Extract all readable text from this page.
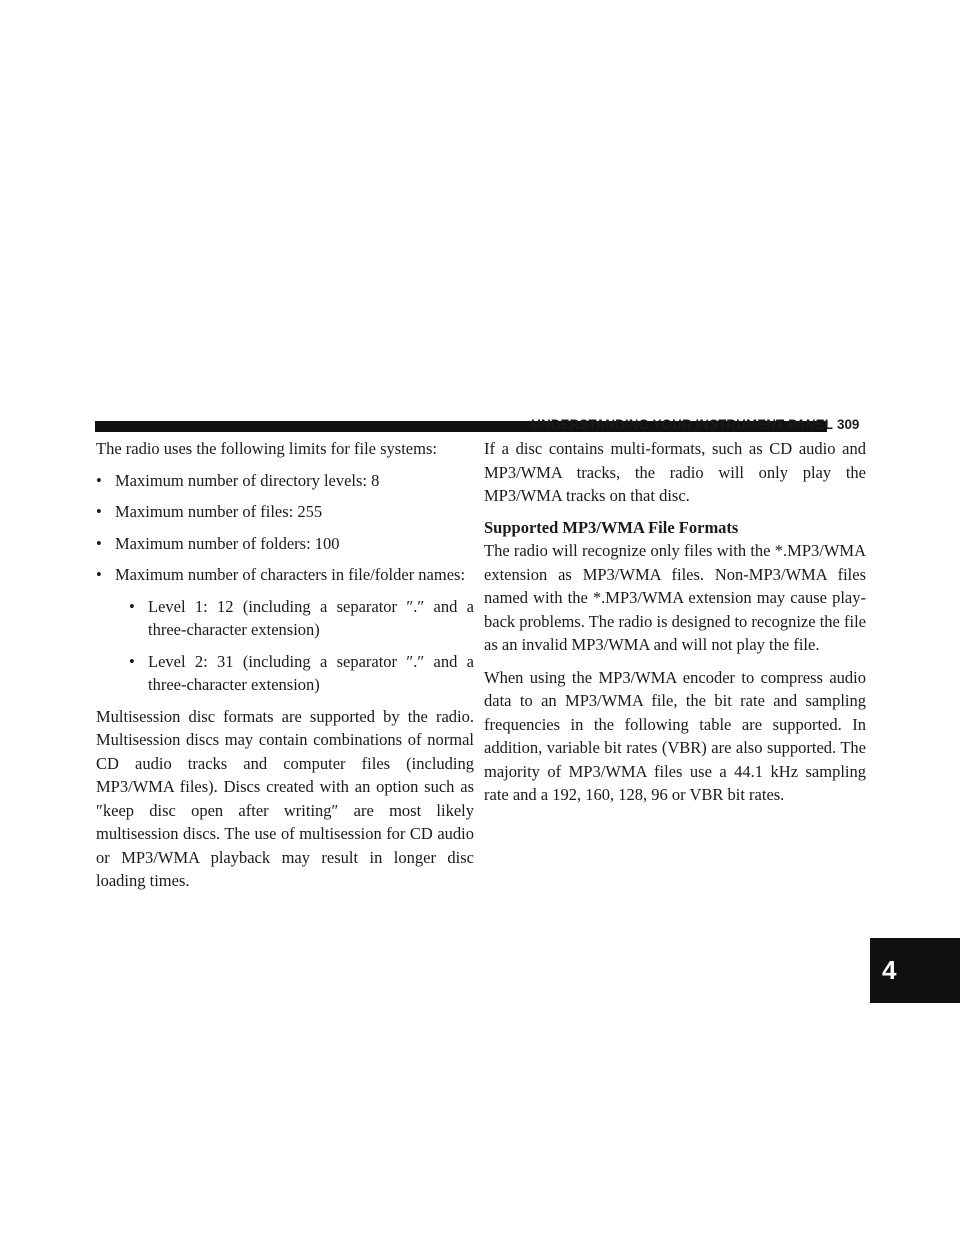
UNDERSTANDING YOUR INSTRUMENT PANEL 309
4

The radio uses the following limits for file systems:

• Maximum number of directory levels: 8
• Maximum number of files: 255
• Maximum number of folders: 100
• Maximum number of characters in file/folder names:
• Level 1: 12 (including a separator ″.″ and a three-character extension)
• Level 2: 31 (including a separator ″.″ and a three-character extension)

Multisession disc formats are supported by the radio. Multisession discs may contain combinations of normal CD audio tracks and computer files (including MP3/WMA files). Discs created with an option such as ″keep disc open after writing″ are most likely multisession discs. The use of multisession for CD audio or MP3/WMA playback may result in longer disc loading times.

If a disc contains multi-formats, such as CD audio and MP3/WMA tracks, the radio will only play the MP3/WMA tracks on that disc.

Supported MP3/WMA File Formats

The radio will recognize only files with the *.MP3/WMA extension as MP3/WMA files. Non-MP3/WMA files named with the *.MP3/WMA extension may cause play-back problems. The radio is designed to recognize the file as an invalid MP3/WMA and will not play the file.

When using the MP3/WMA encoder to compress audio data to an MP3/WMA file, the bit rate and sampling frequencies in the following table are supported. In addition, variable bit rates (VBR) are also supported. The majority of MP3/WMA files use a 44.1 kHz sampling rate and a 192, 160, 128, 96 or VBR bit rates.
